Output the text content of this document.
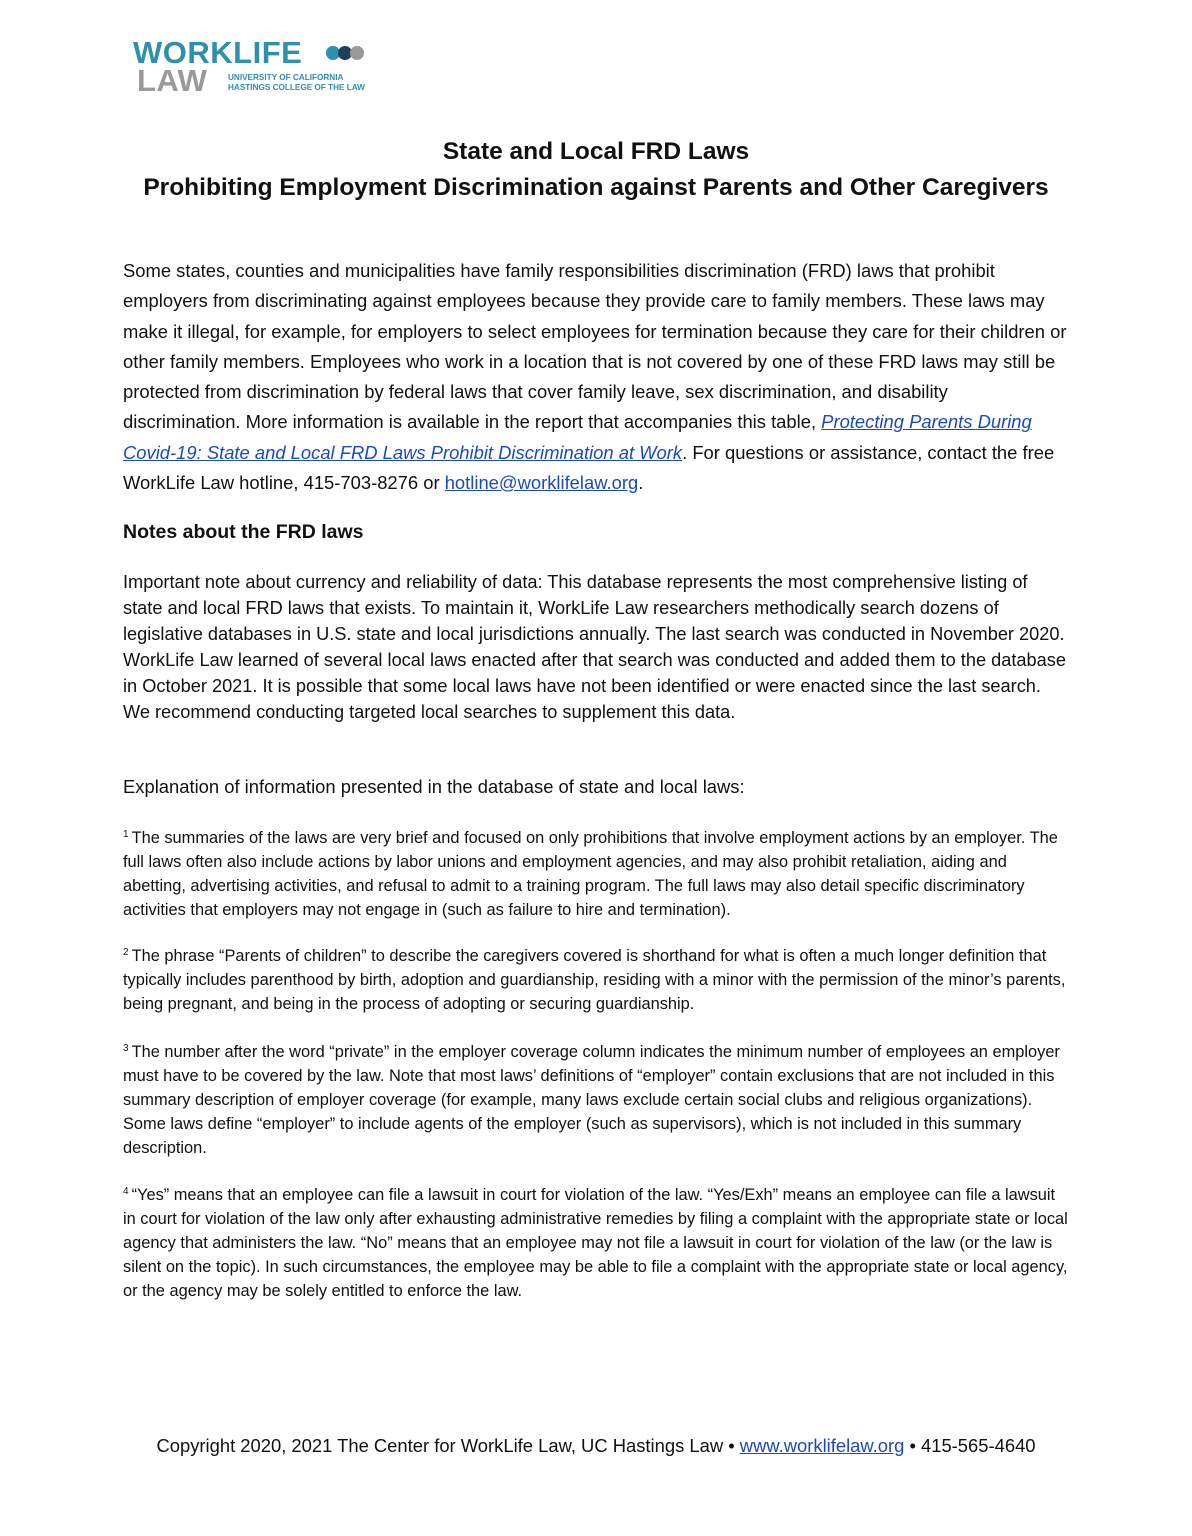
WORKLIFE
LAW	UNIVERSITY OF CALIFORNIA
HASTINGS COLLEGE OF THE LAW
State and Local FRD Laws
Prohibiting Employment Discrimination against Parents and Other Caregivers

Some states, counties and municipalities have family responsibilities discrimination (FRD) laws that prohibit employers from discriminating against employees because they provide care to family members. These laws may make it illegal, for example, for employers to select employees for termination because they care for their children or other family members. Employees who work in a location that is not covered by one of these FRD laws may still be protected from discrimination by federal laws that cover family leave, sex discrimination, and disability discrimination. More information is available in the report that accompanies this table, Protecting Parents During Covid-19: State and Local FRD Laws Prohibit Discrimination at Work. For questions or assistance, contact the free WorkLife Law hotline, 415-703-8276 or hotline@worklifelaw.org.

Notes about the FRD laws

Important note about currency and reliability of data: This database represents the most comprehensive listing of state and local FRD laws that exists. To maintain it, WorkLife Law researchers methodically search dozens of legislative databases in U.S. state and local jurisdictions annually. The last search was conducted in November 2020. WorkLife Law learned of several local laws enacted after that search was conducted and added them to the database in October 2021. It is possible that some local laws have not been identified or were enacted since the last search. We recommend conducting targeted local searches to supplement this data.

Explanation of information presented in the database of state and local laws:

$^1$ The summaries of the laws are very brief and focused on only prohibitions that involve employment actions by an employer. The full laws often also include actions by labor unions and employment agencies, and may also prohibit retaliation, aiding and abetting, advertising activities, and refusal to admit to a training program. The full laws may also detail specific discriminatory activities that employers may not engage in (such as failure to hire and termination).

$^2$ The phrase “Parents of children” to describe the caregivers covered is shorthand for what is often a much longer definition that typically includes parenthood by birth, adoption and guardianship, residing with a minor with the permission of the minor’s parents, being pregnant, and being in the process of adopting or securing guardianship.

$^3$ The number after the word “private” in the employer coverage column indicates the minimum number of employees an employer must have to be covered by the law. Note that most laws’ definitions of “employer” contain exclusions that are not included in this summary description of employer coverage (for example, many laws exclude certain social clubs and religious organizations). Some laws define “employer” to include agents of the employer (such as supervisors), which is not included in this summary description.

$^4$ “Yes” means that an employee can file a lawsuit in court for violation of the law. “Yes/Exh” means an employee can file a lawsuit in court for violation of the law only after exhausting administrative remedies by filing a complaint with the appropriate state or local agency that administers the law. “No” means that an employee may not file a lawsuit in court for violation of the law (or the law is silent on the topic). In such circumstances, the employee may be able to file a complaint with the appropriate state or local agency, or the agency may be solely entitled to enforce the law.

Copyright 2020, 2021 The Center for WorkLife Law, UC Hastings Law • www.worklifelaw.org • 415-565-4640
